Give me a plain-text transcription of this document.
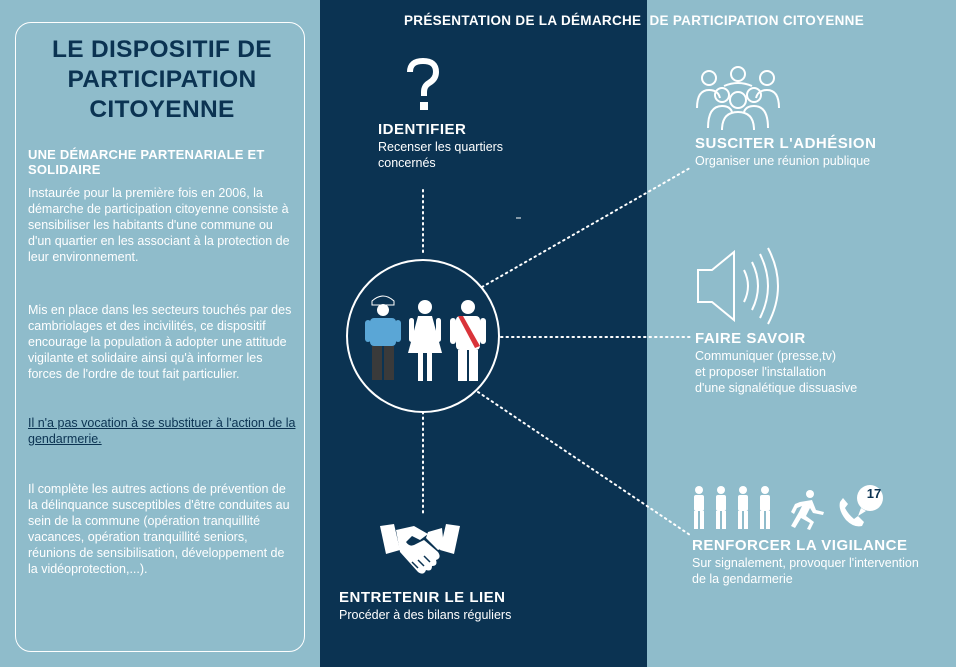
LE DISPOSITIF DE
PARTICIPATION
CITOYENNE
UNE DÉMARCHE PARTENARIALE ET SOLIDAIRE
Instaurée pour la première fois en 2006, la démarche de participation citoyenne consiste à sensibiliser les habitants d'une commune ou d'un quartier en les associant à la protection de leur environnement.
Mis en place dans les secteurs touchés par des cambriolages et des incivilités, ce dispositif encourage la population à adopter une attitude vigilante et solidaire ainsi qu'à informer les forces de l'ordre de tout fait particulier.
Il n'a pas vocation à se substituer à l'action de la gendarmerie.
Il complète les autres actions de prévention de la délinquance susceptibles d'être conduites au sein de la commune (opération tranquillité vacances, opération tranquillité seniors, réunions de sensibilisation, développement de la vidéoprotection,...).
PRÉSENTATION DE LA DÉMARCHE DE PARTICIPATION CITOYENNE
IDENTIFIER
Recenser les quartiers
concernés
SUSCITER L'ADHÉSION
Organiser une réunion publique
FAIRE SAVOIR
Communiquer (presse,tv)
et proposer l'installation
d'une signalétique dissuasive
17
RENFORCER LA VIGILANCE
Sur signalement, provoquer l'intervention
de la gendarmerie
ENTRETENIR LE LIEN
Procéder à des bilans réguliers
